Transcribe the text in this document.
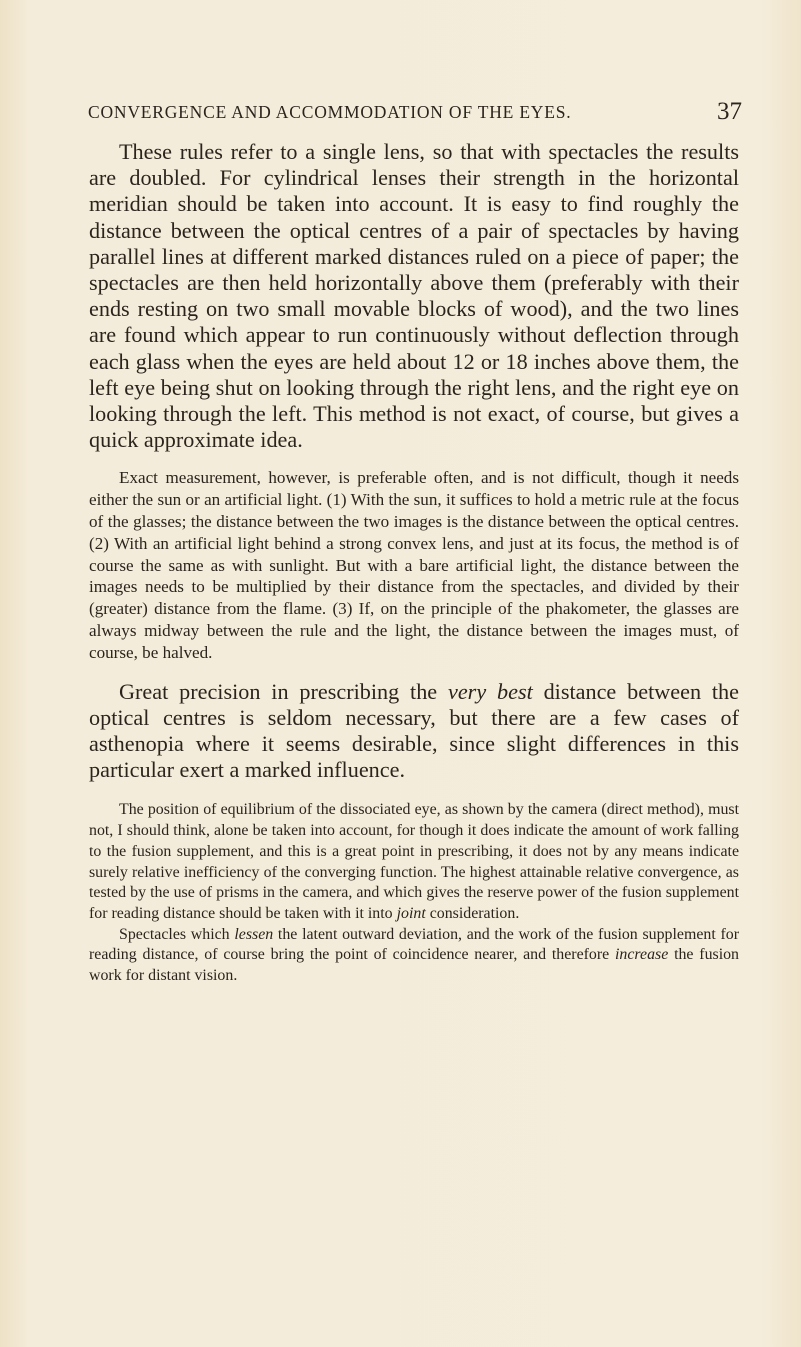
CONVERGENCE AND ACCOMMODATION OF THE EYES.	37

These rules refer to a single lens, so that with spectacles the results are doubled. For cylindrical lenses their strength in the horizontal meridian should be taken into account. It is easy to find roughly the distance between the optical centres of a pair of spectacles by having parallel lines at different marked distances ruled on a piece of paper; the spectacles are then held horizontally above them (preferably with their ends resting on two small movable blocks of wood), and the two lines are found which appear to run continuously without deflection through each glass when the eyes are held about 12 or 18 inches above them, the left eye being shut on looking through the right lens, and the right eye on looking through the left. This method is not exact, of course, but gives a quick approximate idea.

Exact measurement, however, is preferable often, and is not difficult, though it needs either the sun or an artificial light. (1) With the sun, it suffices to hold a metric rule at the focus of the glasses; the distance between the two images is the distance between the optical centres. (2) With an artificial light behind a strong convex lens, and just at its focus, the method is of course the same as with sunlight. But with a bare artificial light, the distance between the images needs to be multiplied by their distance from the spectacles, and divided by their (greater) distance from the flame. (3) If, on the principle of the phakometer, the glasses are always midway between the rule and the light, the distance between the images must, of course, be halved.

Great precision in prescribing the very best distance between the optical centres is seldom necessary, but there are a few cases of asthenopia where it seems desirable, since slight differences in this particular exert a marked influence.

The position of equilibrium of the dissociated eye, as shown by the camera (direct method), must not, I should think, alone be taken into account, for though it does indicate the amount of work falling to the fusion supplement, and this is a great point in prescribing, it does not by any means indicate surely relative inefficiency of the converging function. The highest attainable relative convergence, as tested by the use of prisms in the camera, and which gives the reserve power of the fusion supplement for reading distance should be taken with it into joint consideration.

Spectacles which lessen the latent outward deviation, and the work of the fusion supplement for reading distance, of course bring the point of coincidence nearer, and therefore increase the fusion work for distant vision.
